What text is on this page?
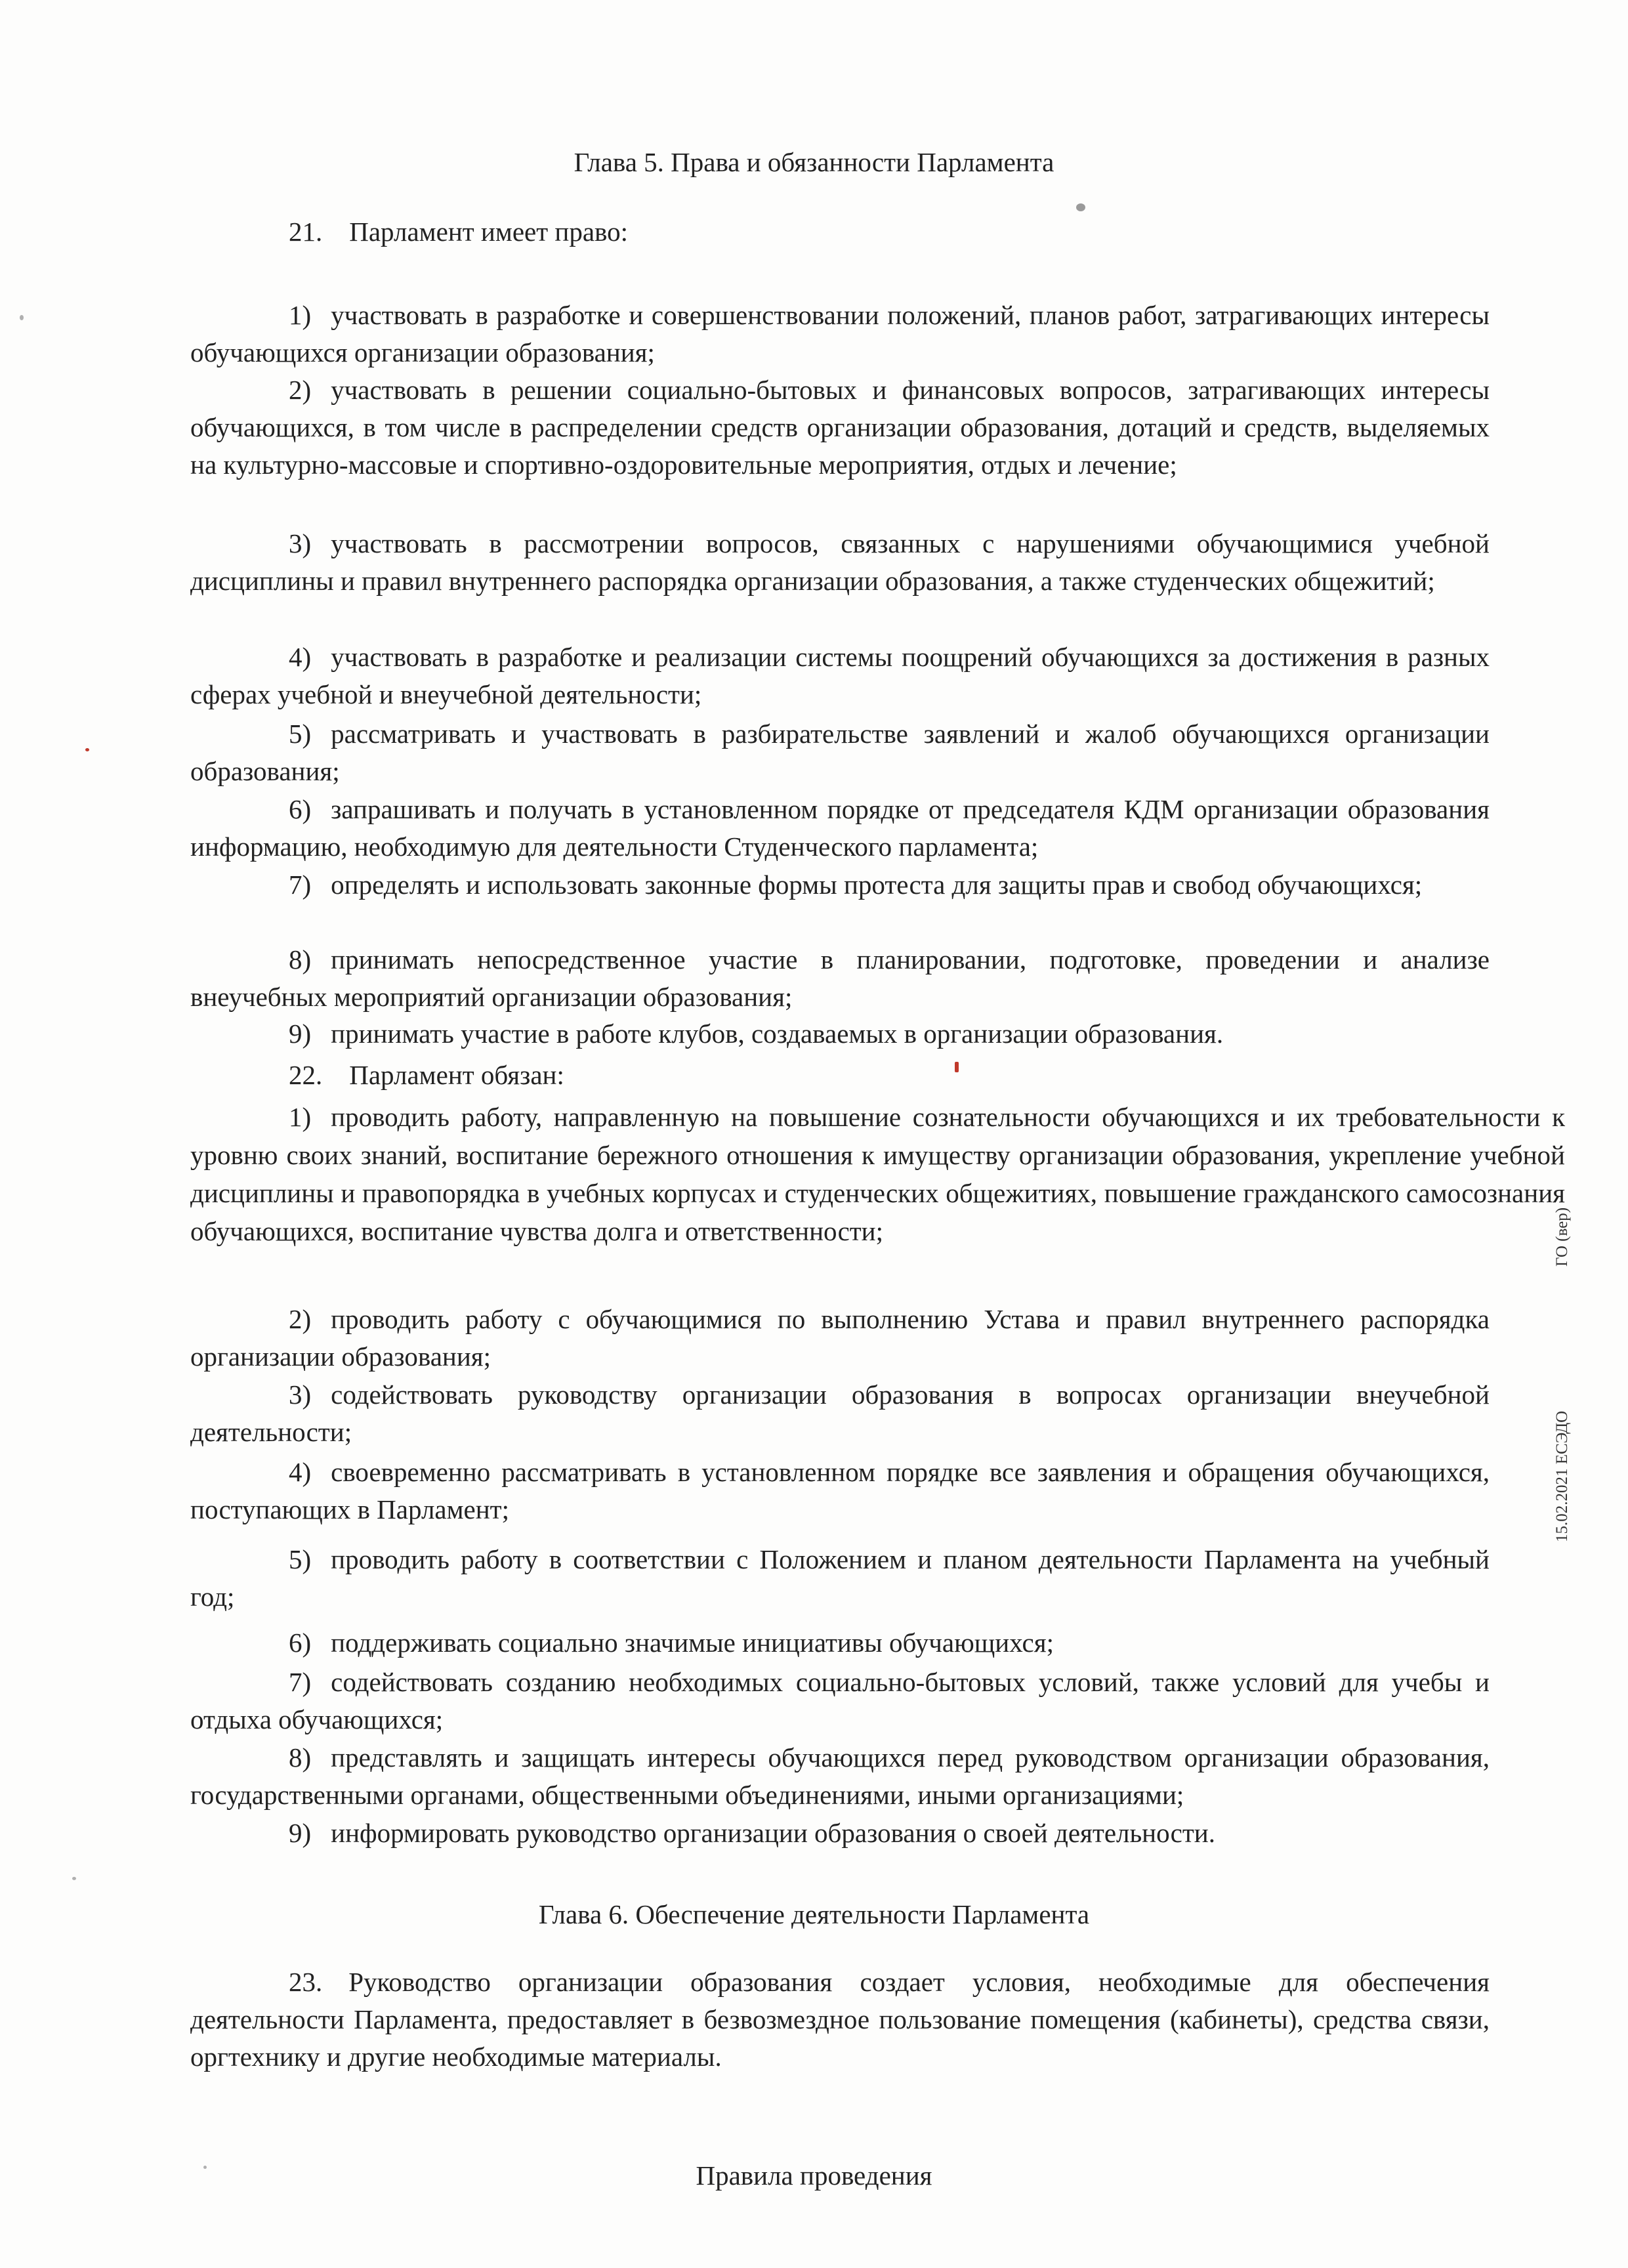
Глава 5. Права и обязанности Парламента
21. Парламент имеет право:
1) участвовать в разработке и совершенствовании положений, планов работ, затрагивающих интересы обучающихся организации образования;
2) участвовать в решении социально-бытовых и финансовых вопросов, затрагивающих интересы обучающихся, в том числе в распределении средств организации образования, дотаций и средств, выделяемых на культурно-массовые и спортивно-оздоровительные мероприятия, отдых и лечение;
3) участвовать в рассмотрении вопросов, связанных с нарушениями обучающимися учебной дисциплины и правил внутреннего распорядка организации образования, а также студенческих общежитий;
4) участвовать в разработке и реализации системы поощрений обучающихся за достижения в разных сферах учебной и внеучебной деятельности;
5) рассматривать и участвовать в разбирательстве заявлений и жалоб обучающихся организации образования;
6) запрашивать и получать в установленном порядке от председателя КДМ организации образования информацию, необходимую для деятельности Студенческого парламента;
7) определять и использовать законные формы протеста для защиты прав и свобод обучающихся;
8) принимать непосредственное участие в планировании, подготовке, проведении и анализе внеучебных мероприятий организации образования;
9) принимать участие в работе клубов, создаваемых в организации образования.
22. Парламент обязан:
1) проводить работу, направленную на повышение сознательности обучающихся и их требовательности к уровню своих знаний, воспитание бережного отношения к имуществу организации образования, укрепление учебной дисциплины и правопорядка в учебных корпусах и студенческих общежитиях, повышение гражданского самосознания обучающихся, воспитание чувства долга и ответственности;
2) проводить работу с обучающимися по выполнению Устава и правил внутреннего распорядка организации образования;
3) содействовать руководству организации образования в вопросах организации внеучебной деятельности;
4) своевременно рассматривать в установленном порядке все заявления и обращения обучающихся, поступающих в Парламент;
5) проводить работу в соответствии с Положением и планом деятельности Парламента на учебный год;
6) поддерживать социально значимые инициативы обучающихся;
7) содействовать созданию необходимых социально-бытовых условий, также условий для учебы и отдыха обучающихся;
8) представлять и защищать интересы обучающихся перед руководством организации образования, государственными органами, общественными объединениями, иными организациями;
9) информировать руководство организации образования о своей деятельности.
Глава 6. Обеспечение деятельности Парламента
23. Руководство организации образования создает условия, необходимые для обеспечения деятельности Парламента, предоставляет в безвозмездное пользование помещения (кабинеты), средства связи, оргтехнику и другие необходимые материалы.
Правила проведения
15.02.2021 ЕСЭДО
ГО (вер)
